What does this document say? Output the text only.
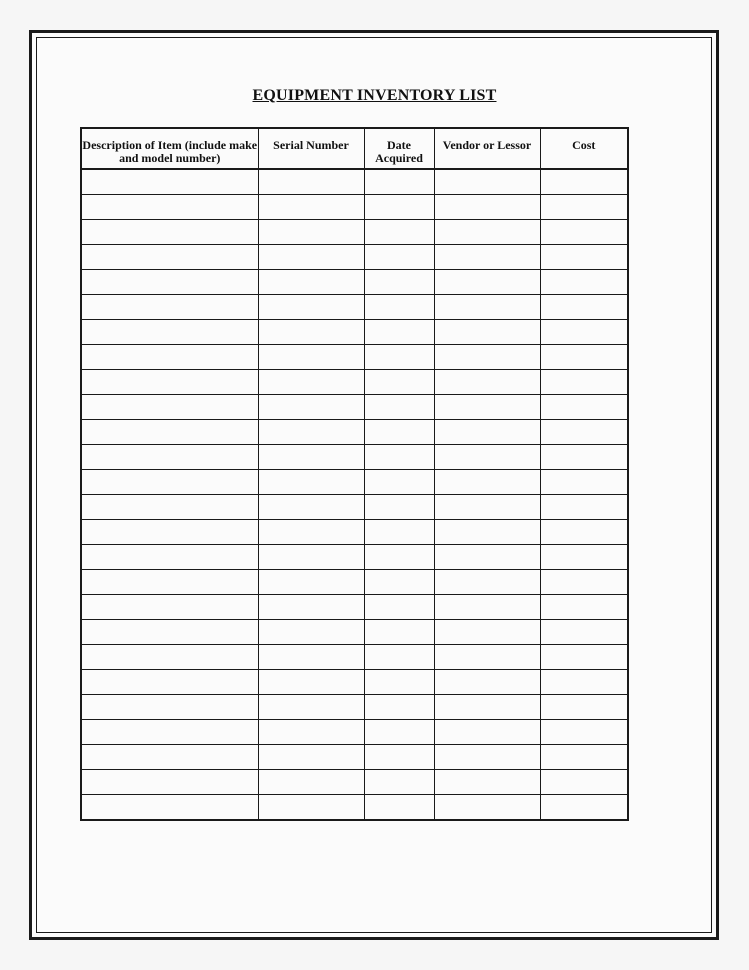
EQUIPMENT INVENTORY LIST
Description of Item (include make and model number)	Serial Number	Date Acquired	Vendor or Lessor	Cost
